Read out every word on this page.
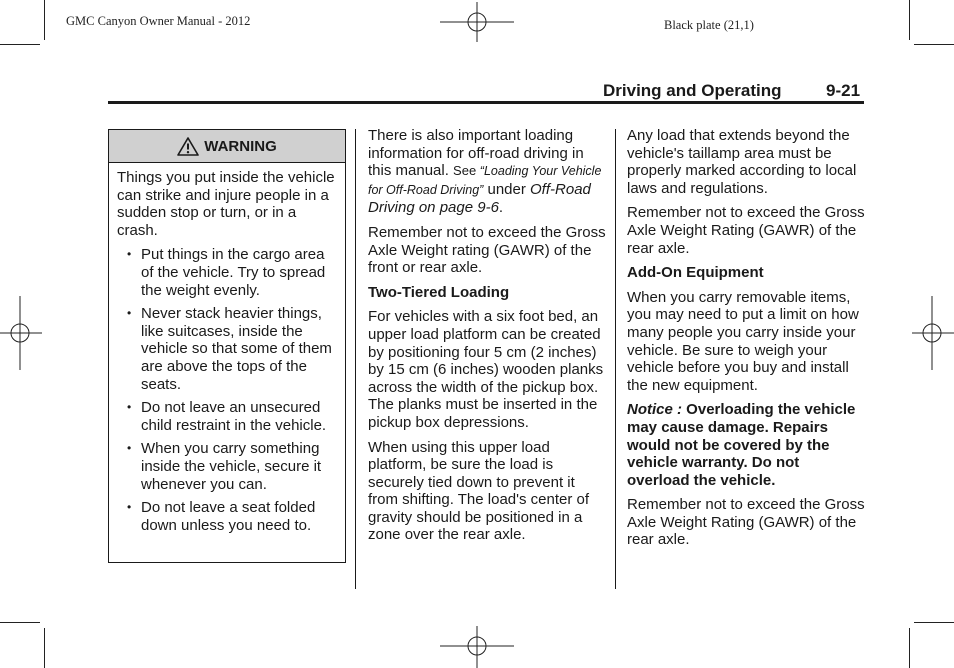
GMC Canyon Owner Manual - 2012	Black plate (21,1)
Driving and Operating	9-21
WARNING

Things you put inside the vehicle can strike and injure people in a sudden stop or turn, or in a crash.

• Put things in the cargo area of the vehicle. Try to spread the weight evenly.
• Never stack heavier things, like suitcases, inside the vehicle so that some of them are above the tops of the seats.
• Do not leave an unsecured child restraint in the vehicle.
• When you carry something inside the vehicle, secure it whenever you can.
• Do not leave a seat folded down unless you need to.

There is also important loading information for off-road driving in this manual. See “Loading Your Vehicle for Off-Road Driving” under Off-Road Driving on page 9-6.

Remember not to exceed the Gross Axle Weight rating (GAWR) of the front or rear axle.

Two-Tiered Loading

For vehicles with a six foot bed, an upper load platform can be created by positioning four 5 cm (2 inches) by 15 cm (6 inches) wooden planks across the width of the pickup box. The planks must be inserted in the pickup box depressions.

When using this upper load platform, be sure the load is securely tied down to prevent it from shifting. The load's center of gravity should be positioned in a zone over the rear axle.

Any load that extends beyond the vehicle's taillamp area must be properly marked according to local laws and regulations.

Remember not to exceed the Gross Axle Weight Rating (GAWR) of the rear axle.

Add-On Equipment

When you carry removable items, you may need to put a limit on how many people you carry inside your vehicle. Be sure to weigh your vehicle before you buy and install the new equipment.

Notice : Overloading the vehicle may cause damage. Repairs would not be covered by the vehicle warranty. Do not overload the vehicle.

Remember not to exceed the Gross Axle Weight Rating (GAWR) of the rear axle.
